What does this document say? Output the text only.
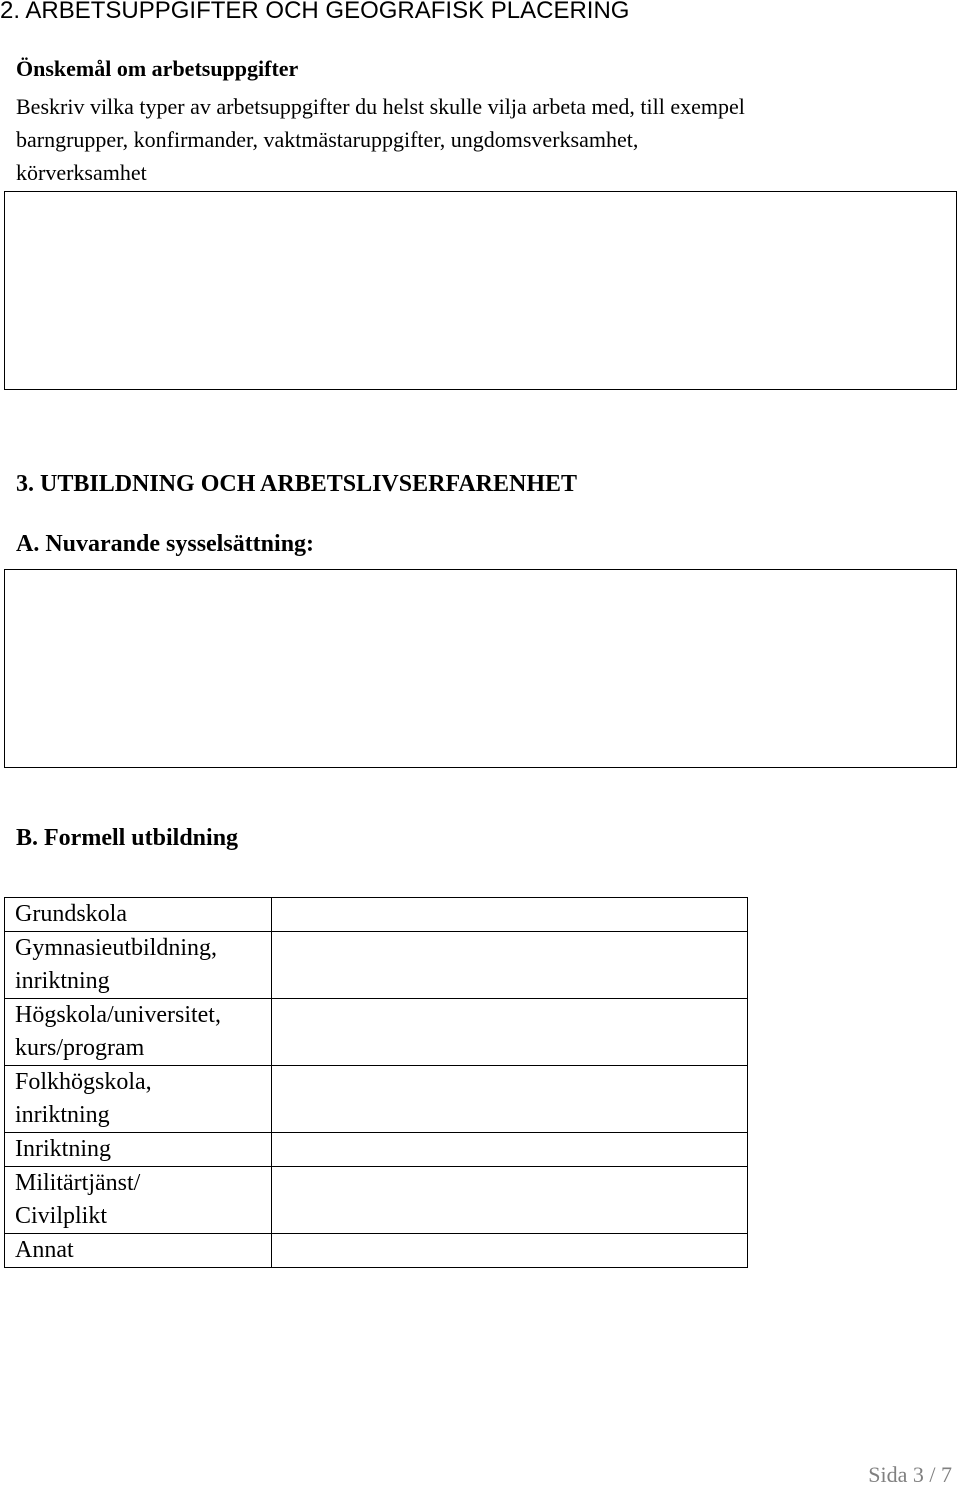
2. ARBETSUPPGIFTER OCH GEOGRAFISK PLACERING
Önskemål om arbetsuppgifter

Beskriv vilka typer av arbetsuppgifter du helst skulle vilja arbeta med, till exempel

barngrupper, konfirmander, vaktmästaruppgifter, ungdomsverksamhet,

körverksamhet

3. UTBILDNING OCH ARBETSLIVSERFARENHET
A. Nuvarande sysselsättning:
B. Formell utbildning
Grundskola	

Gymnasieutbildning,
inriktning	

Högskola/universitet,
kurs/program	

Folkhögskola,
inriktning	

Inriktning	

Militärtjänst/
Civilplikt	

Annat	

Sida 3 / 7
